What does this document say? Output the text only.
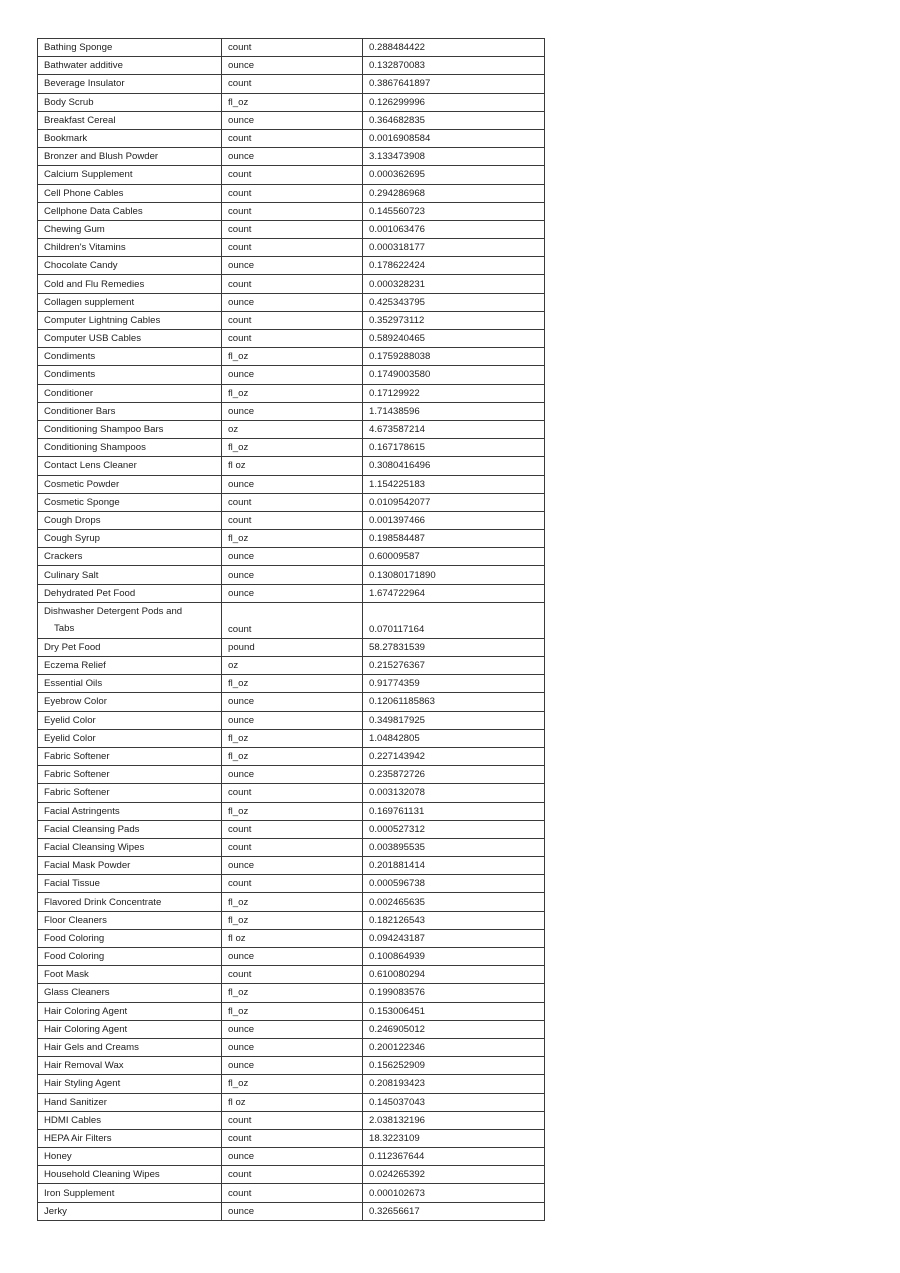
Bathing Sponge	count	0.288484422
Bathwater additive	ounce	0.132870083
Beverage Insulator	count	0.3867641897
Body Scrub	fl_oz	0.126299996
Breakfast Cereal	ounce	0.364682835
Bookmark	count	0.0016908584
Bronzer and Blush Powder	ounce	3.133473908
Calcium Supplement	count	0.000362695
Cell Phone Cables	count	0.294286968
Cellphone Data Cables	count	0.145560723
Chewing Gum	count	0.001063476
Children's Vitamins	count	0.000318177
Chocolate Candy	ounce	0.178622424
Cold and Flu Remedies	count	0.000328231
Collagen supplement	ounce	0.425343795
Computer Lightning Cables	count	0.352973112
Computer USB Cables	count	0.589240465
Condiments	fl_oz	0.1759288038
Condiments	ounce	0.1749003580
Conditioner	fl_oz	0.17129922
Conditioner Bars	ounce	1.71438596
Conditioning Shampoo Bars	oz	4.673587214
Conditioning Shampoos	fl_oz	0.167178615
Contact Lens Cleaner	fl oz	0.3080416496
Cosmetic Powder	ounce	1.154225183
Cosmetic Sponge	count	0.0109542077
Cough Drops	count	0.001397466
Cough Syrup	fl_oz	0.198584487
Crackers	ounce	0.60009587
Culinary Salt	ounce	0.13080171890
Dehydrated Pet Food	ounce	1.674722964

Dishwasher Detergent Pods and
Tabs	count	0.070117164
Dry Pet Food	pound	58.27831539
Eczema Relief	oz	0.215276367
Essential Oils	fl_oz	0.91774359
Eyebrow Color	ounce	0.12061185863
Eyelid Color	ounce	0.349817925
Eyelid Color	fl_oz	1.04842805
Fabric Softener	fl_oz	0.227143942
Fabric Softener	ounce	0.235872726
Fabric Softener	count	0.003132078
Facial Astringents	fl_oz	0.169761131
Facial Cleansing Pads	count	0.000527312
Facial Cleansing Wipes	count	0.003895535
Facial Mask Powder	ounce	0.201881414
Facial Tissue	count	0.000596738
Flavored Drink Concentrate	fl_oz	0.002465635
Floor Cleaners	fl_oz	0.182126543
Food Coloring	fl oz	0.094243187
Food Coloring	ounce	0.100864939
Foot Mask	count	0.610080294
Glass Cleaners	fl_oz	0.199083576
Hair Coloring Agent	fl_oz	0.153006451
Hair Coloring Agent	ounce	0.246905012
Hair Gels and Creams	ounce	0.200122346
Hair Removal Wax	ounce	0.156252909
Hair Styling Agent	fl_oz	0.208193423
Hand Sanitizer	fl oz	0.145037043
HDMI Cables	count	2.038132196
HEPA Air Filters	count	18.3223109
Honey	ounce	0.112367644
Household Cleaning Wipes	count	0.024265392
Iron Supplement	count	0.000102673
Jerky	ounce	0.32656617
